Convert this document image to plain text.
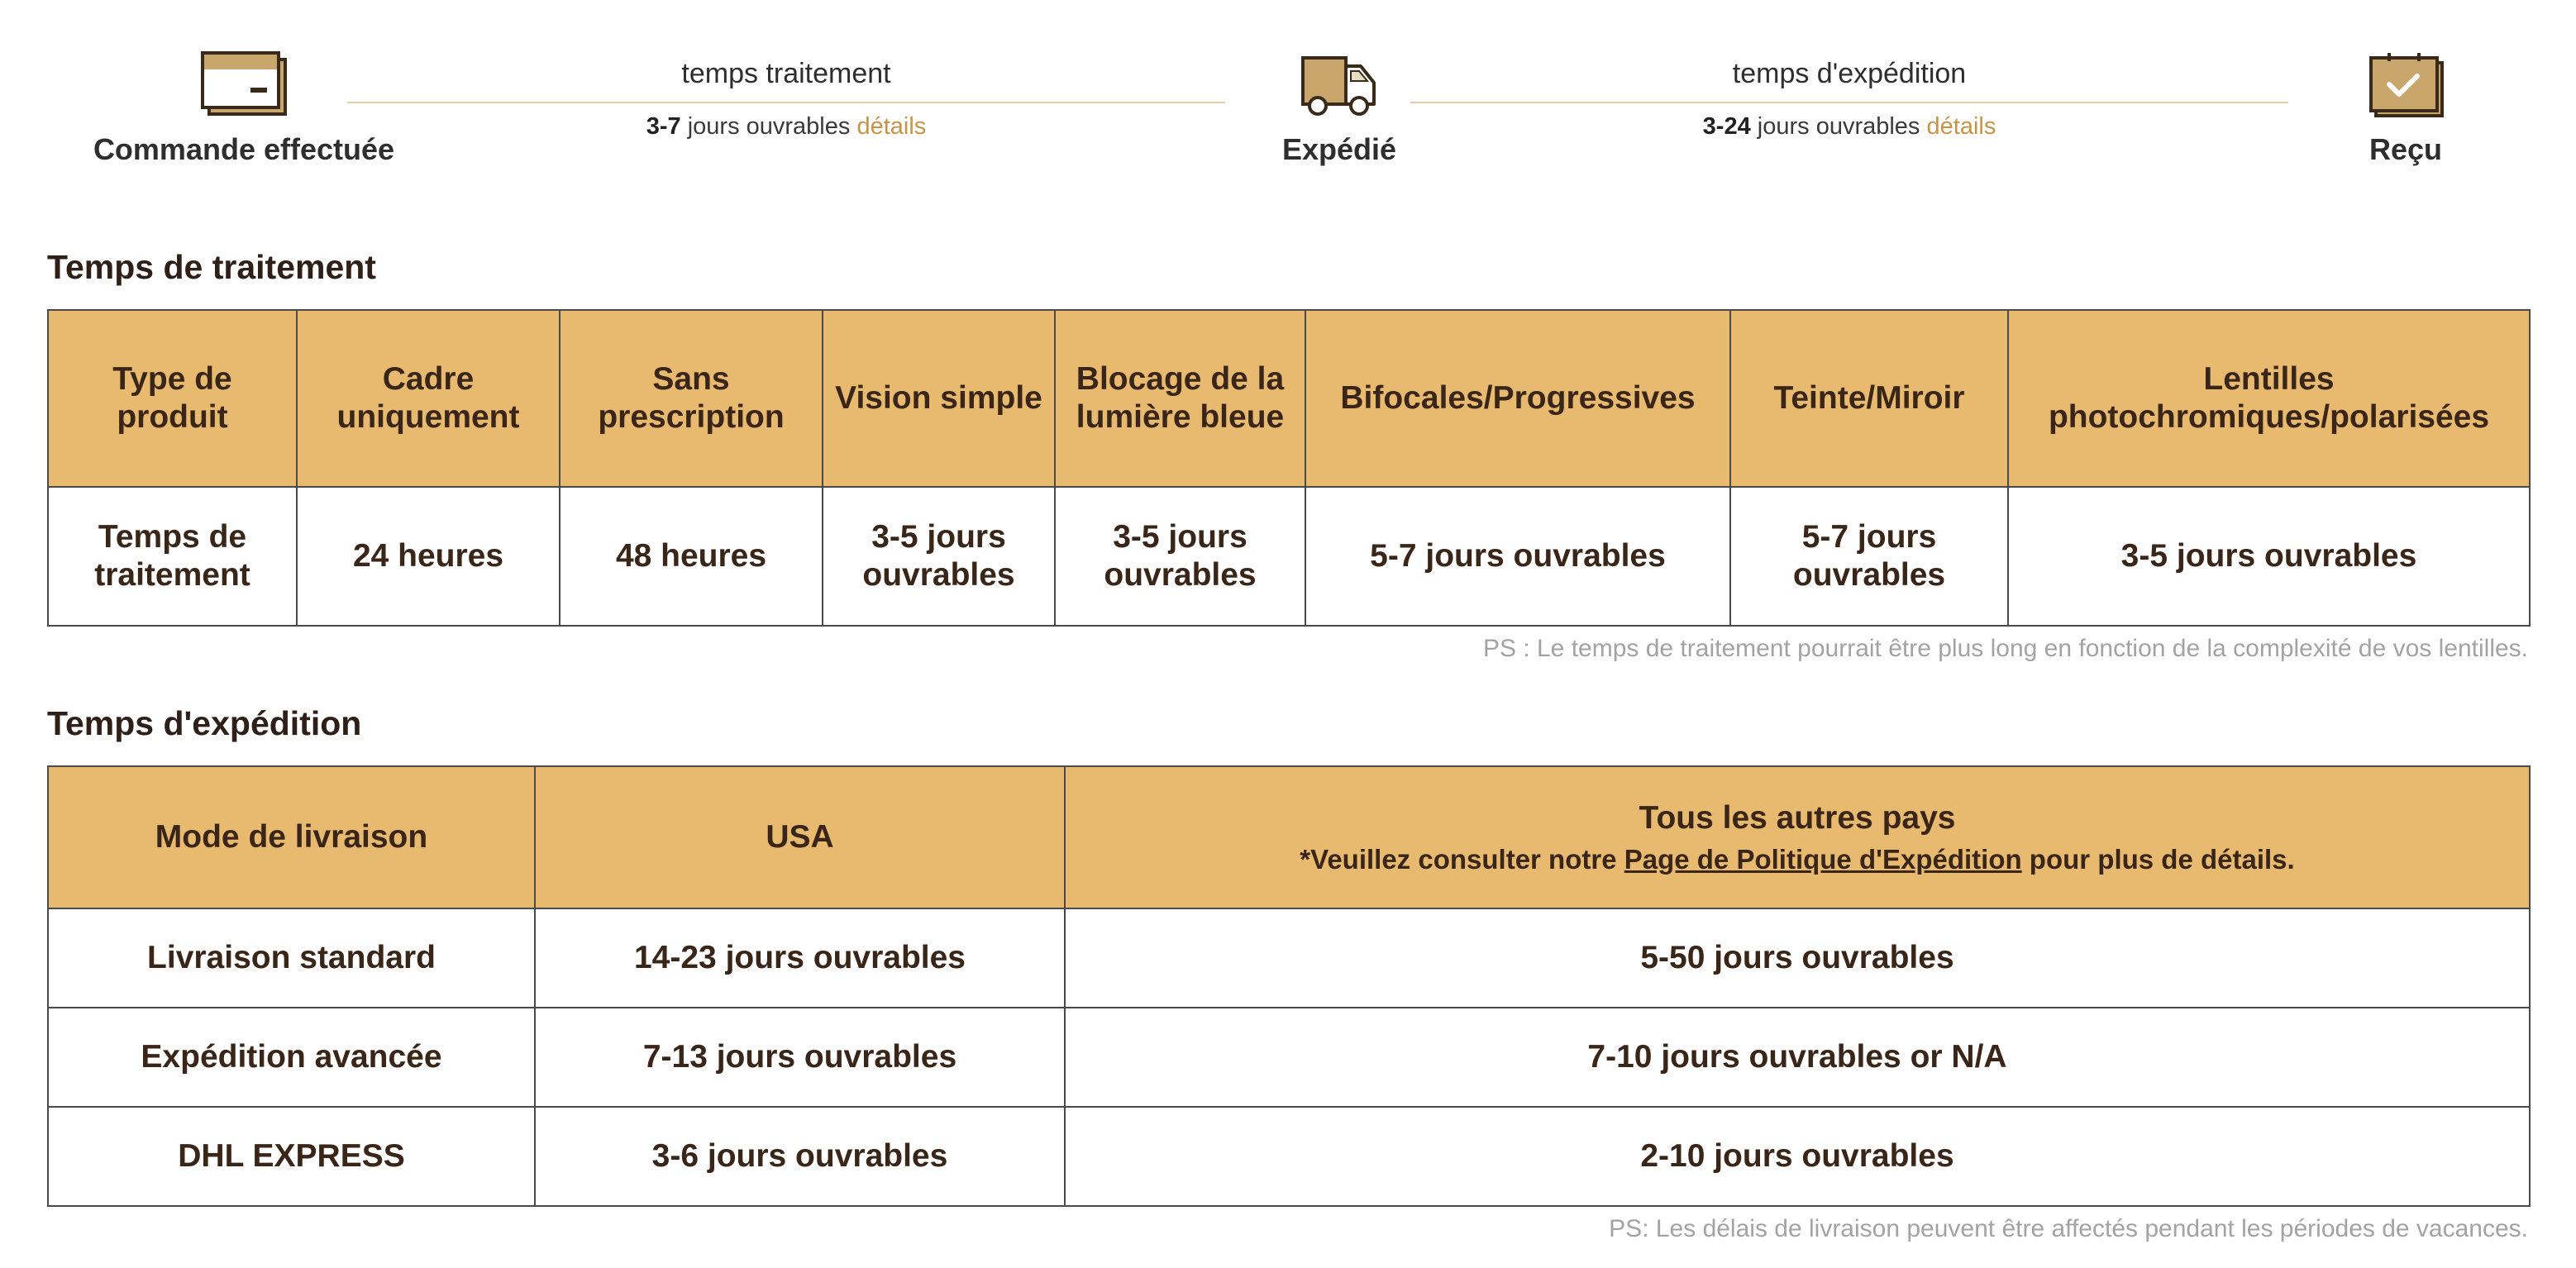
Commande effectuée
temps traitement
3-7 jours ouvrables détails
Expédié
temps d'expédition
3-24 jours ouvrables détails
Reçu
Temps de traitement
Type de produit	Cadre uniquement	Sans prescription	Vision simple	Blocage de la lumière bleue	Bifocales/Progressives	Teinte/Miroir	Lentilles photochromiques/polarisées
Temps de traitement	24 heures	48 heures	3-5 jours ouvrables	3-5 jours ouvrables	5-7 jours ouvrables	5-7 jours ouvrables	3-5 jours ouvrables
PS : Le temps de traitement pourrait être plus long en fonction de la complexité de vos lentilles.
Temps d'expédition
Mode de livraison	USA	Tous les autres pays
*Veuillez consulter notre Page de Politique d'Expédition pour plus de détails.

Livraison standard	14-23 jours ouvrables	5-50 jours ouvrables
Expédition avancée	7-13 jours ouvrables	7-10 jours ouvrables or N/A
DHL EXPRESS	3-6 jours ouvrables	2-10 jours ouvrables
PS: Les délais de livraison peuvent être affectés pendant les périodes de vacances.
